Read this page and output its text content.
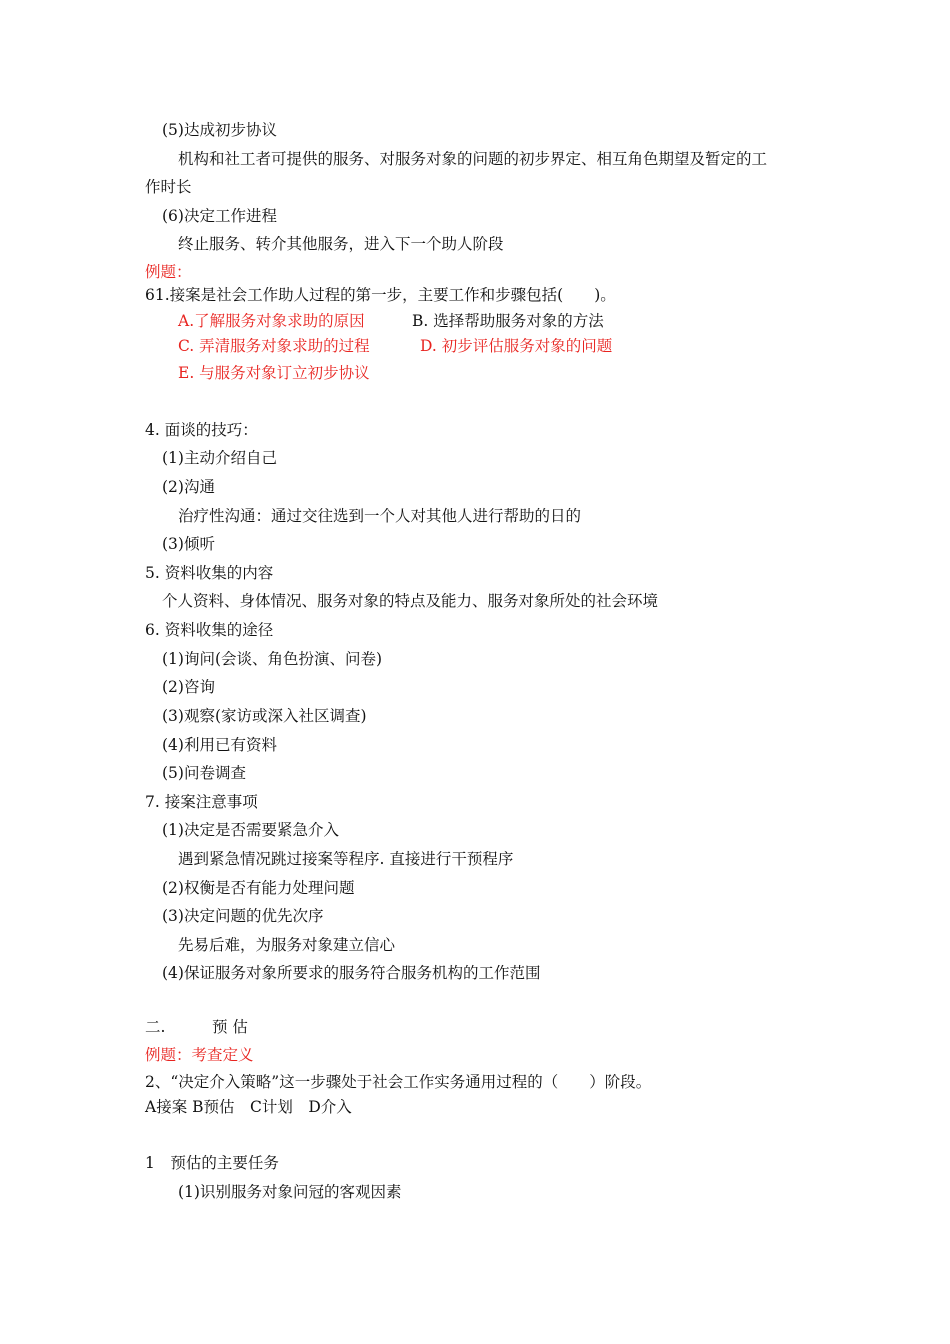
(5)达成初步协议
机构和社工者可提供的服务、对服务对象的问题的初步界定、相互角色期望及暂定的工
作时长
(6)决定工作进程
终止服务、转介其他服务，进入下一个助人阶段
例题：
61.接案是社会工作助人过程的第一步，主要工作和步骤包括(　　)。
A.了解服务对象求助的原因	B. 选择帮助服务对象的方法
C. 弄清服务对象求助的过程	D. 初步评估服务对象的问题
E. 与服务对象订立初步协议
4. 面谈的技巧：
(1)主动介绍自己
(2)沟通
治疗性沟通：通过交往选到一个人对其他人进行帮助的日的
(3)倾听
5. 资料收集的内容
个人资料、身体情况、服务对象的特点及能力、服务对象所处的社会环境
6. 资料收集的途径
(1)询问(会谈、角色扮演、问卷)
(2)咨询
(3)观察(家访或深入社区调查)
(4)利用已有资料
(5)问卷调查
7. 接案注意事项
(1)决定是否需要紧急介入
遇到紧急情况跳过接案等程序. 直接进行干预程序
(2)权衡是否有能力处理问题
(3)决定问题的优先次序
先易后难，为服务对象建立信心
(4)保证服务对象所要求的服务符合服务机构的工作范围
二.	预 估
例题：考查定义
2、“决定介入策略”这一步骤处于社会工作实务通用过程的（　　）阶段。
A接案 B预估　C计划　D介入
1　预估的主要任务
(1)识别服务对象问冠的客观因素
